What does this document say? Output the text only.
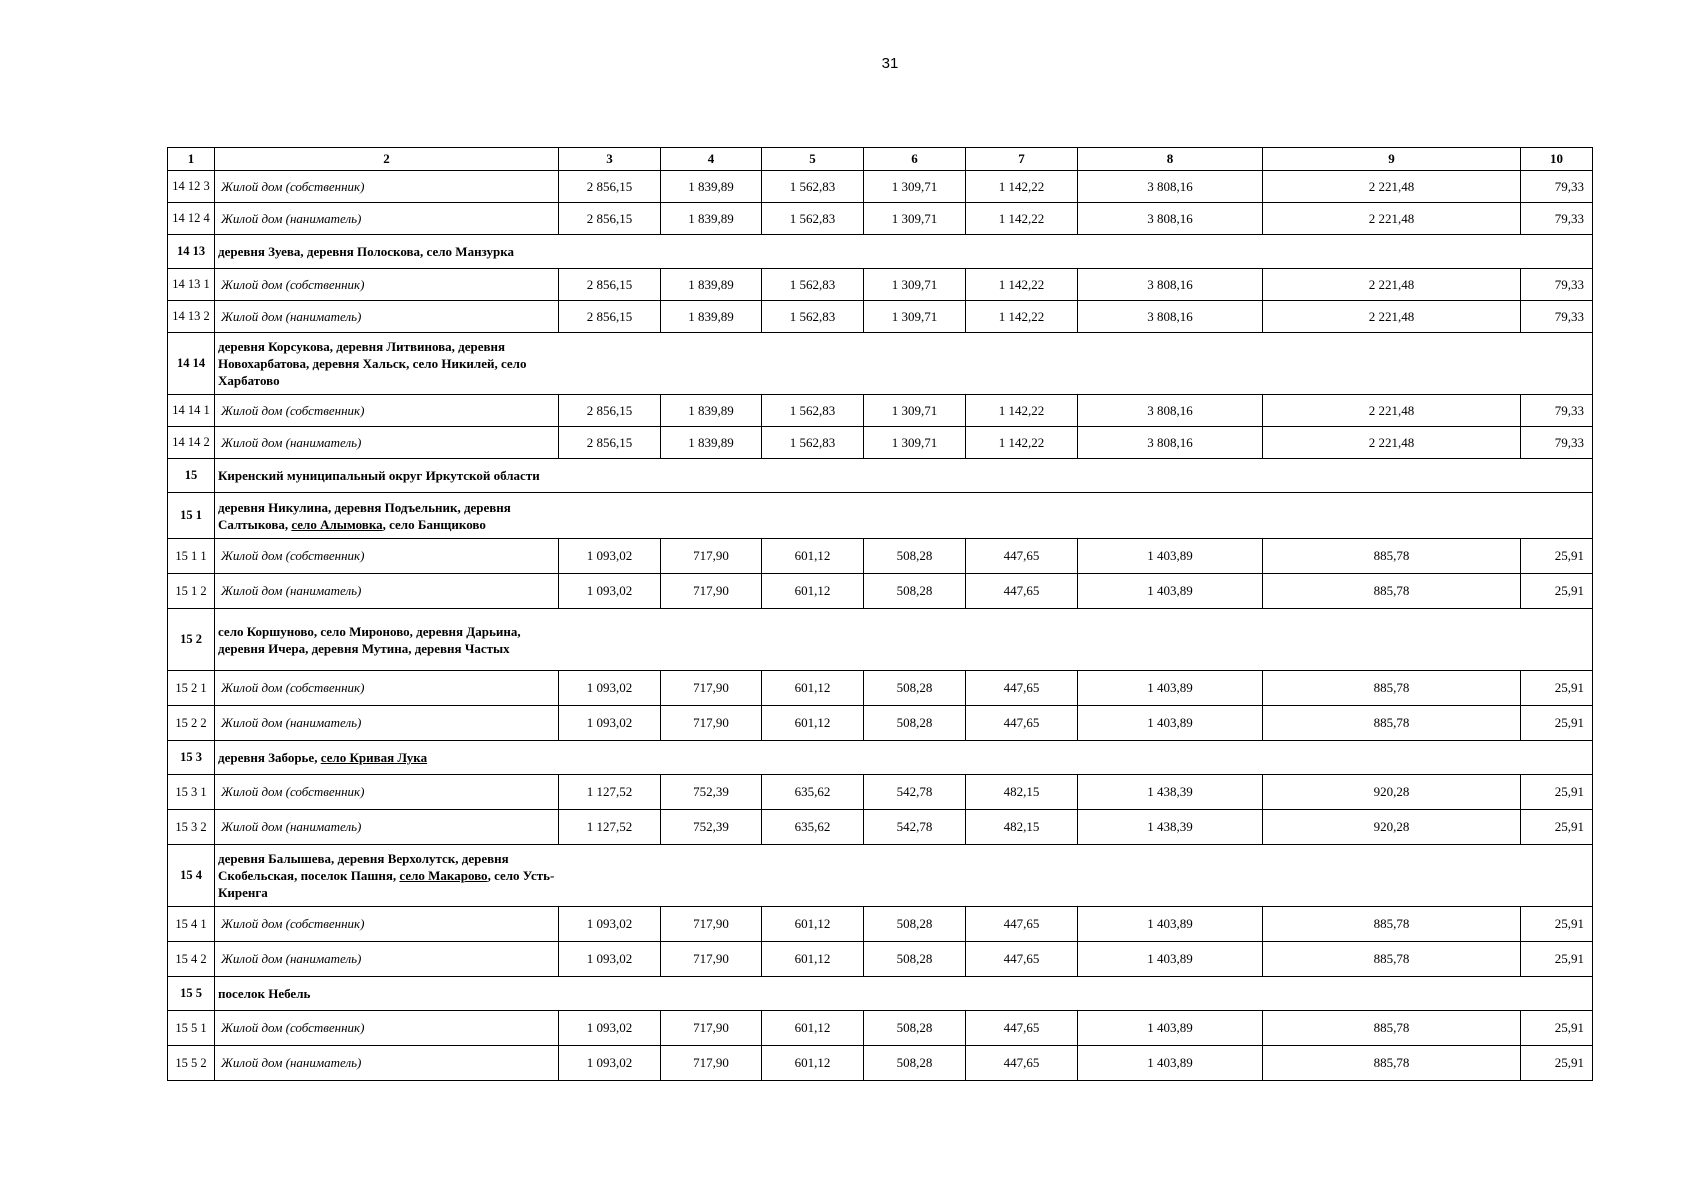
31
1	2	3	4	5	6	7	8	9	10
14 12 3	Жилой дом (собственник)	2 856,15	1 839,89	1 562,83	1 309,71	1 142,22	3 808,16	2 221,48	79,33
14 12 4	Жилой дом (наниматель)	2 856,15	1 839,89	1 562,83	1 309,71	1 142,22	3 808,16	2 221,48	79,33
14 13	деревня Зуева, деревня Полоскова, село Манзурка								
14 13 1	Жилой дом (собственник)	2 856,15	1 839,89	1 562,83	1 309,71	1 142,22	3 808,16	2 221,48	79,33
14 13 2	Жилой дом (наниматель)	2 856,15	1 839,89	1 562,83	1 309,71	1 142,22	3 808,16	2 221,48	79,33
14 14	деревня Корсукова, деревня Литвинова, деревня Новохарбатова, деревня Хальск, село Никилей, село Харбатово								
14 14 1	Жилой дом (собственник)	2 856,15	1 839,89	1 562,83	1 309,71	1 142,22	3 808,16	2 221,48	79,33
14 14 2	Жилой дом (наниматель)	2 856,15	1 839,89	1 562,83	1 309,71	1 142,22	3 808,16	2 221,48	79,33
15	Киренский муниципальный округ Иркутской области								
15 1	деревня Никулина, деревня Подъельник, деревня Салтыкова, село Алымовка, село Банщиково								
15 1 1	Жилой дом (собственник)	1 093,02	717,90	601,12	508,28	447,65	1 403,89	885,78	25,91
15 1 2	Жилой дом (наниматель)	1 093,02	717,90	601,12	508,28	447,65	1 403,89	885,78	25,91
15 2	село Коршуново, село Мироново, деревня Дарьина, деревня Ичера, деревня Мутина, деревня Частых								
15 2 1	Жилой дом (собственник)	1 093,02	717,90	601,12	508,28	447,65	1 403,89	885,78	25,91
15 2 2	Жилой дом (наниматель)	1 093,02	717,90	601,12	508,28	447,65	1 403,89	885,78	25,91
15 3	деревня Заборье, село Кривая Лука								
15 3 1	Жилой дом (собственник)	1 127,52	752,39	635,62	542,78	482,15	1 438,39	920,28	25,91
15 3 2	Жилой дом (наниматель)	1 127,52	752,39	635,62	542,78	482,15	1 438,39	920,28	25,91
15 4	деревня Балышева, деревня Верхолутск, деревня Скобельская, поселок Пашня, село Макарово, село Усть-Киренга								
15 4 1	Жилой дом (собственник)	1 093,02	717,90	601,12	508,28	447,65	1 403,89	885,78	25,91
15 4 2	Жилой дом (наниматель)	1 093,02	717,90	601,12	508,28	447,65	1 403,89	885,78	25,91
15 5	поселок Небель								
15 5 1	Жилой дом (собственник)	1 093,02	717,90	601,12	508,28	447,65	1 403,89	885,78	25,91
15 5 2	Жилой дом (наниматель)	1 093,02	717,90	601,12	508,28	447,65	1 403,89	885,78	25,91
